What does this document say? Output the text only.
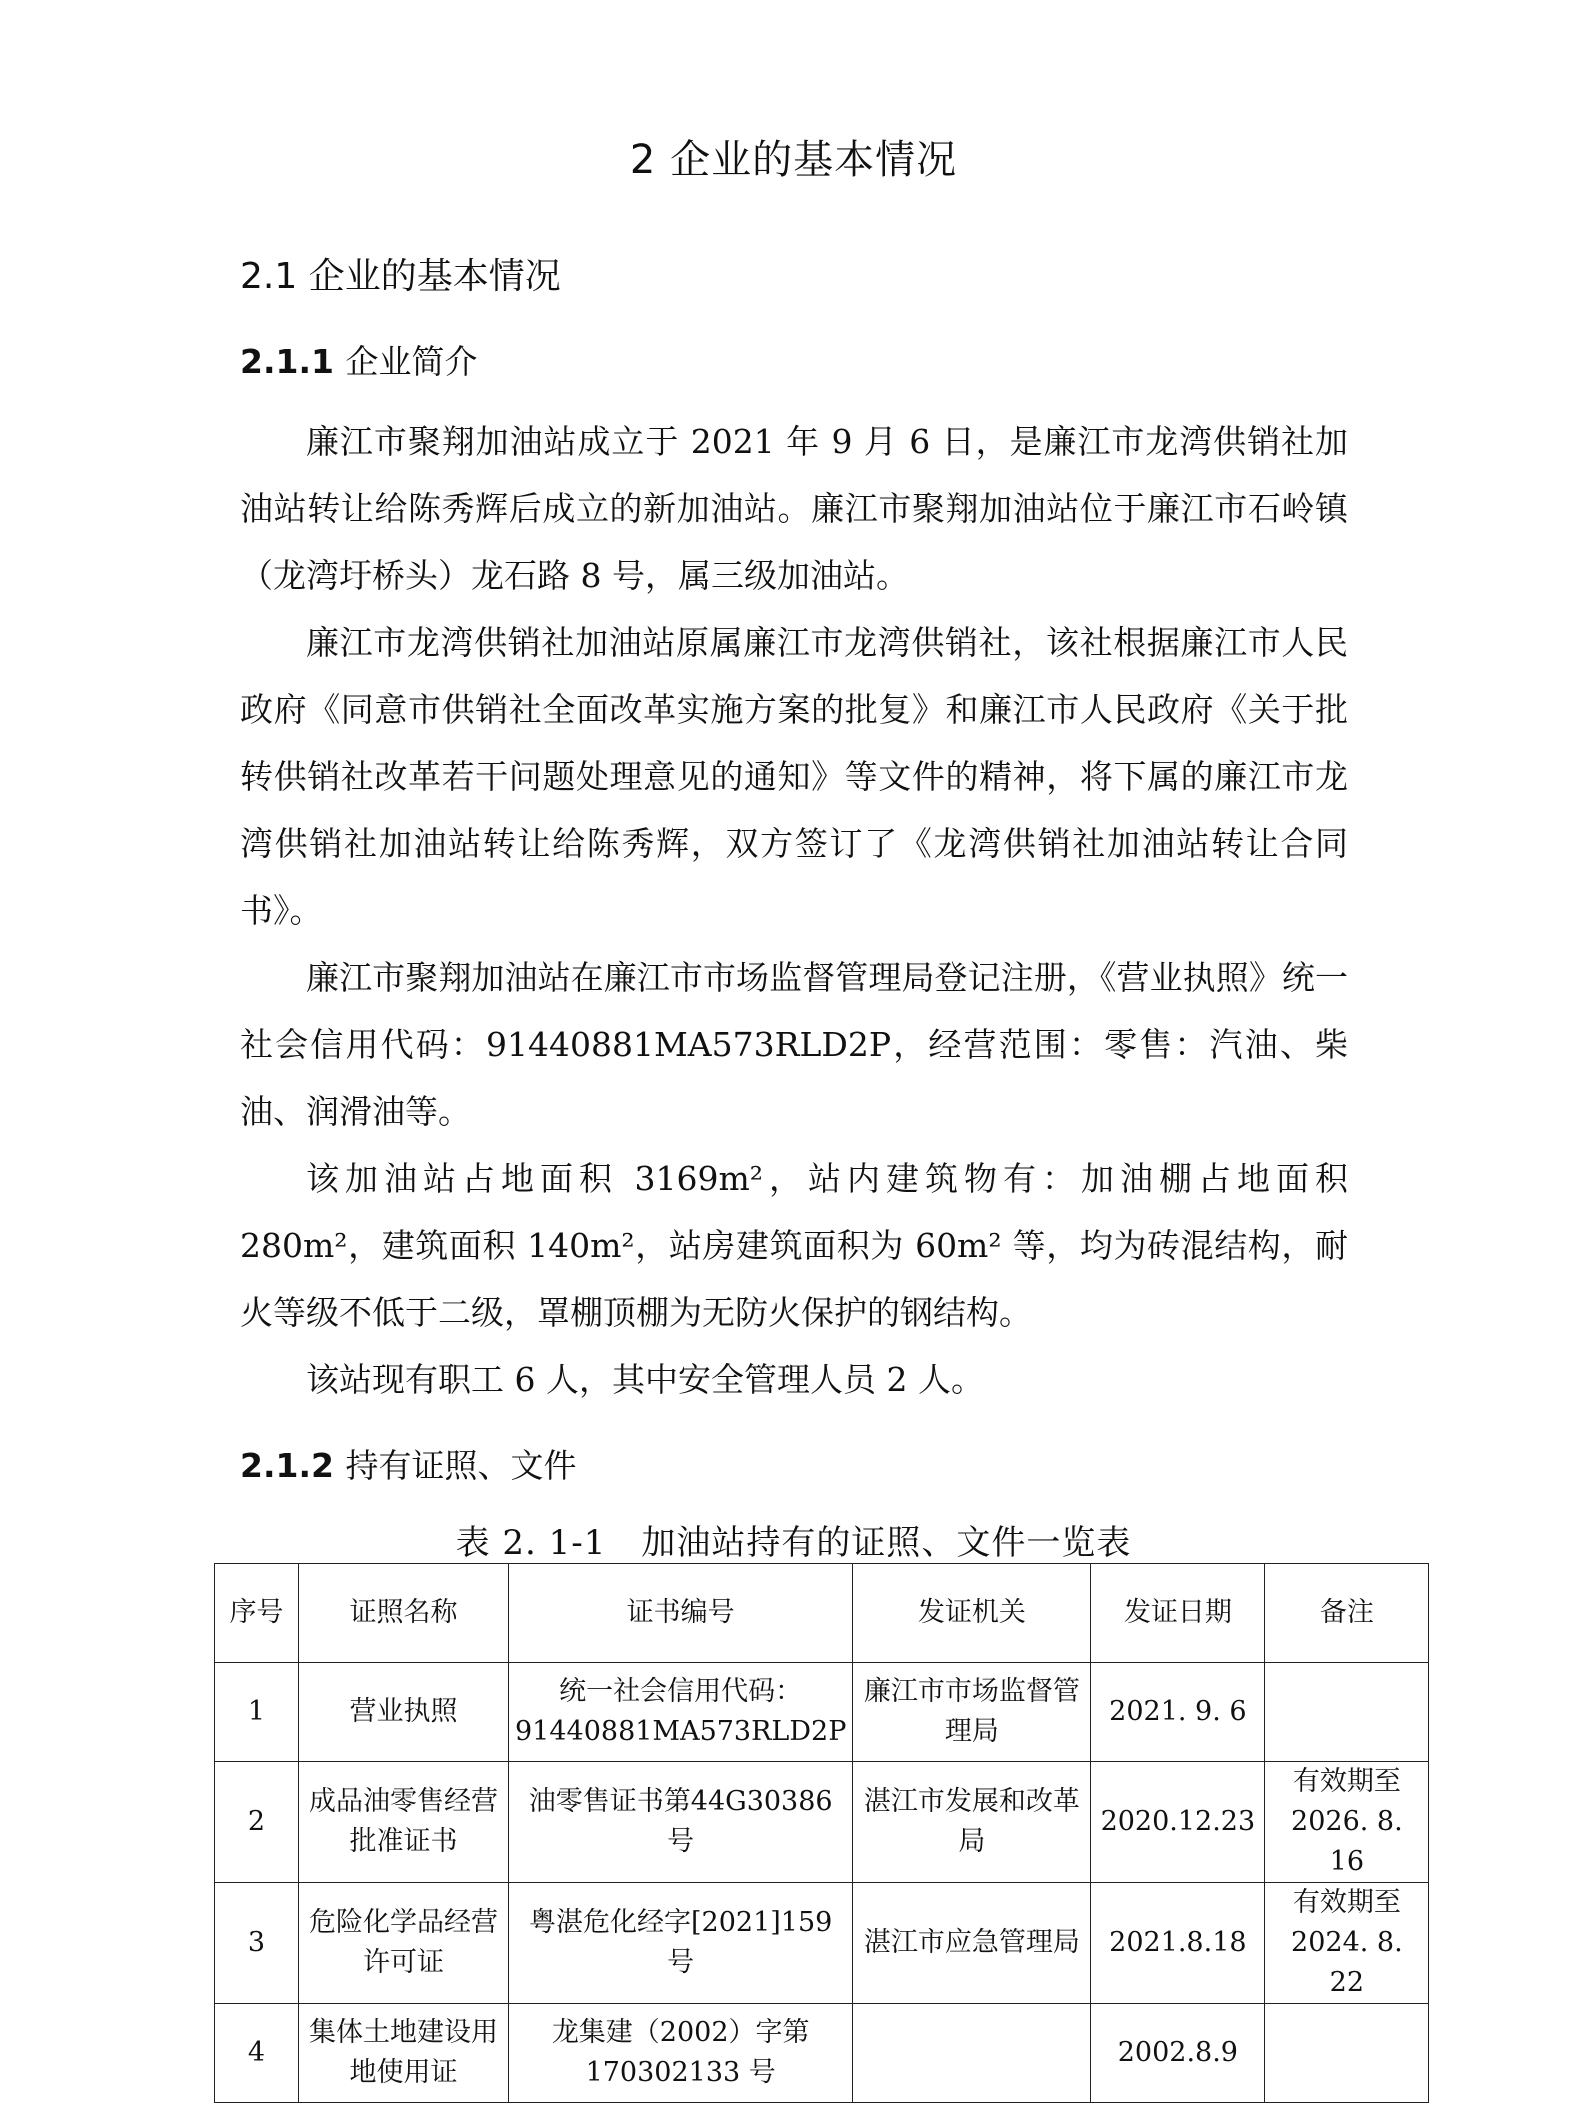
2 企业的基本情况
2.1 企业的基本情况
2.1.1 企业简介

廉江市聚翔加油站成立于 2021 年 9 月 6 日，是廉江市龙湾供销社加油站转让给陈秀辉后成立的新加油站。廉江市聚翔加油站位于廉江市石岭镇（龙湾圩桥头）龙石路 8 号，属三级加油站。

廉江市龙湾供销社加油站原属廉江市龙湾供销社，该社根据廉江市人民政府《同意市供销社全面改革实施方案的批复》和廉江市人民政府《关于批转供销社改革若干问题处理意见的通知》等文件的精神，将下属的廉江市龙湾供销社加油站转让给陈秀辉，双方签订了《龙湾供销社加油站转让合同书》。

廉江市聚翔加油站在廉江市市场监督管理局登记注册，《营业执照》统一社会信用代码：91440881MA573RLD2P，经营范围：零售：汽油、柴油、润滑油等。

该加油站占地面积 3169m²，站内建筑物有：加油棚占地面积 280m²，建筑面积 140m²，站房建筑面积为 60m² 等，均为砖混结构，耐火等级不低于二级，罩棚顶棚为无防火保护的钢结构。

该站现有职工 6 人，其中安全管理人员 2 人。

2.1.2 持有证照、文件
表 2. 1-1　加油站持有的证照、文件一览表
序号	证照名称	证书编号	发证机关	发证日期	备注
1	营业执照	统一社会信用代码：91440881MA573RLD2P	廉江市市场监督管理局	2021. 9. 6	
2	成品油零售经营批准证书	油零售证书第44G30386 号	湛江市发展和改革局	2020.12.23	有效期至2026. 8. 16
3	危险化学品经营许可证	粤湛危化经字[2021]159 号	湛江市应急管理局	2021.8.18	有效期至2024. 8. 22
4	集体土地建设用地使用证	龙集建（2002）字第170302133 号		2002.8.9	
